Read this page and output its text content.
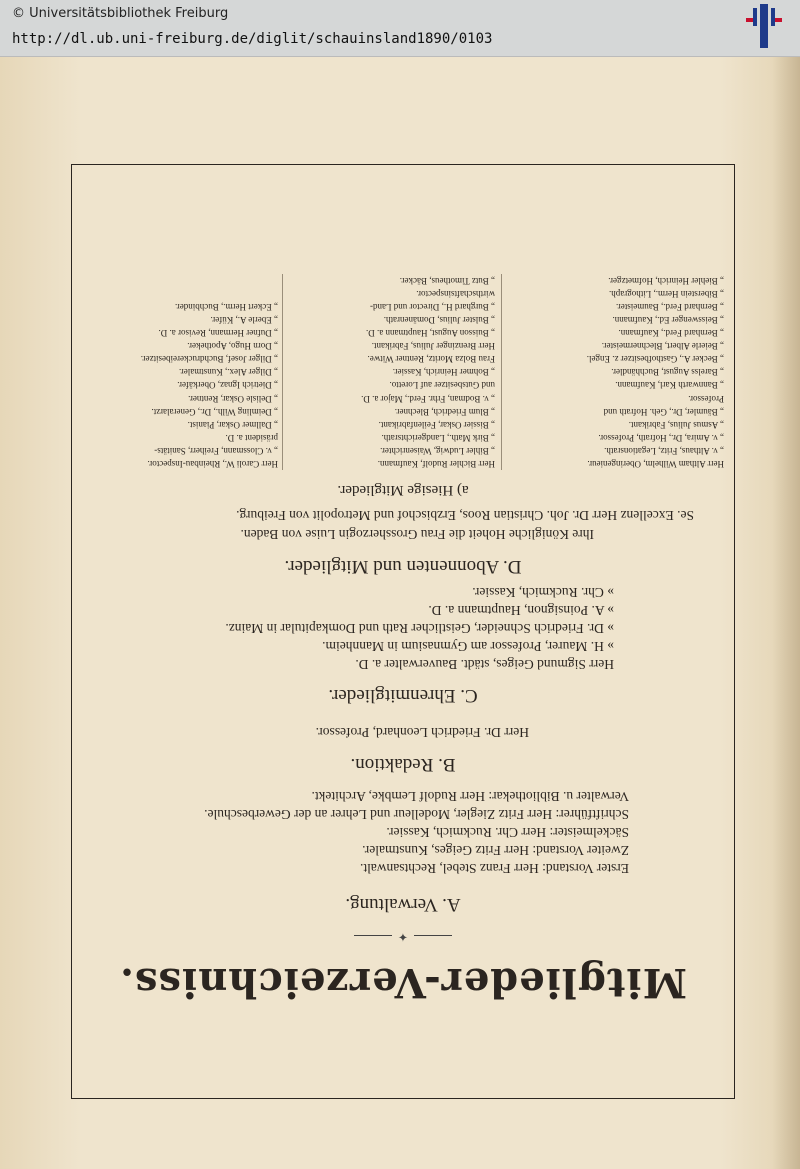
© Universitätsbibliothek Freiburg
http://dl.ub.uni-freiburg.de/diglit/schauinsland1890/0103
Mitglieder-Verzeichniss.
✦
A. Verwaltung.
Erster Vorstand: Herr Franz Stebel, Rechtsanwalt.
Zweiter Vorstand: Herr Fritz Geiges, Kunstmaler.
Säckelmeister: Herr Chr. Ruckmich, Kassier.
Schriftführer: Herr Fritz Ziegler, Modelleur und Lehrer an der Gewerbeschule.
Verwalter u. Bibliothekar: Herr Rudolf Lembke, Architekt.
B. Redaktion.
Herr Dr. Friedrich Leonhard, Professor.
C. Ehrenmitglieder.
Herr Sigmund Geiges, städt. Bauverwalter a. D.
» H. Maurer, Professor am Gymnasium in Mannheim.
» Dr. Friedrich Schneider, Geistlicher Rath und Domkapitular in Mainz.
» A. Poinsignon, Hauptmann a. D.
» Chr. Ruckmich, Kassier.
D. Abonnenten und Mitglieder.
Ihre Königliche Hoheit die Frau Grossherzogin Luise von Baden.
Se. Excellenz Herr Dr. Joh. Christian Roos, Erzbischof und Metropolit von Freiburg.
a) Hiesige Mitglieder.
Herr Altham Wilhelm, Oberingenieur.
„ v. Althaus, Fritz, Legationsrath.
„ v. Amira, Dr., Hofrath, Professor.
„ Asmus Julius, Fabrikant.
„ Bäumler, Dr., Geh. Hofrath und
Professor.
„ Bannwarth Karl, Kaufmann.
„ Barelss August, Buchhändler.
„ Becker A., Gasthofbesitzer z. Engel.
„ Beierle Albert, Blechnermeister.
„ Bernhard Ferd., Kaufmann.
„ Beisswenger Ed., Kaufmann.
„ Bernhard Ferd., Baumeister.
„ Biberstein Herm., Lithograph.
„ Biehler Heinrich, Hofmetzger.
Herr Bichler Rudolf, Kaufmann.
„ Bihler Ludwig, Waisenrichter.
„ Birk Math., Landgerichtsrath.
„ Bissier Oskar, Feilenfabrikant.
„ Blum Friedrich, Blechner.
„ v. Bodman, Frhr. Ferd., Major a. D.
und Gutsbesitzer auf Loretto.
„ Bohmer Heinrich, Kassier.
Frau Bolza Moritz, Rentner Witwe.
Herr Brenzinger Julius, Fabrikant.
„ Buisson August, Hauptmann a. D.
„ Bulster Julius, Domänenrath.
„ Burghard H., Director und Land-
wirthschaftsinspector.
„ Butz Timotheus, Bäcker.
Herr Caroli W., Rheinbau-Inspector.
„ v. Clossmann, Freiherr, Sanitäts-
präsident a. D.
„ Dallmer Oskar, Pianist.
„ Deimling Wilh., Dr., Generalarzt.
„ Delisle Oskar, Rentner.
„ Dietrich Ignaz, Oberkäfer.
„ Dilger Alex., Kunstmaler.
„ Dilger Josef, Buchdruckereibesitzer.
„ Dorn Hugo, Apotheker.
„ Dufner Hermann, Revisor a. D.
„ Eberle A., Küfer.
„ Eckert Herm., Buchbinder.
